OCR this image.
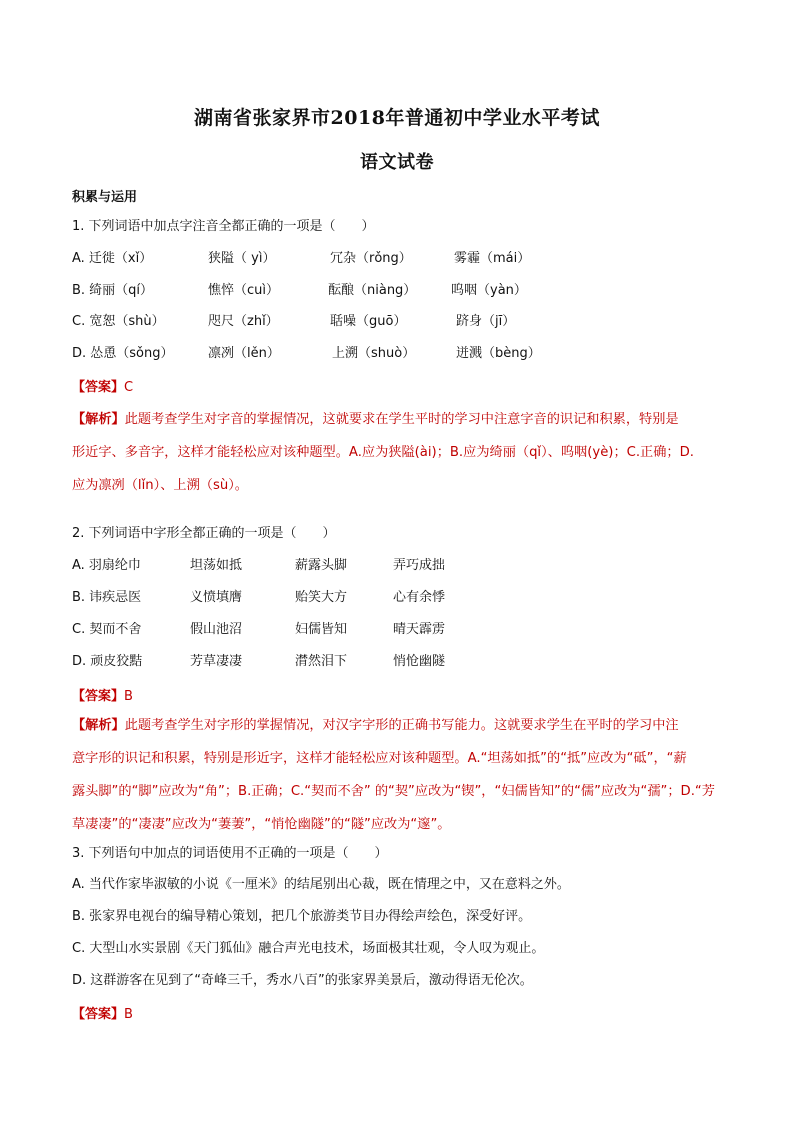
湖南省张家界市2018年普通初中学业水平考试
语文试卷
积累与运用
1. 下列词语中加点字注音全都正确的一项是（　　）
A. 迁徙（xǐ）	狭隘（ yì）	冗杂（rǒng）	雾霾（mái）
B. 绮丽（qí）	憔悴（cuì）	酝酿（niàng）	呜咽（yàn）
C. 宽恕（shù）	咫尺（zhǐ）	聒噪（guō）	跻身（jī）
D. 怂恿（sǒng）	凛冽（lěn）	上溯（shuò）	迸溅（bèng）
【答案】C

【解析】此题考查学生对字音的掌握情况，这就要求在学生平时的学习中注意字音的识记和积累，特别是

形近字、多音字，这样才能轻松应对该种题型。A.应为狭隘(ài)；B.应为绮丽（qǐ）、呜咽(yè)；C.正确；D.

应为凛冽（lǐn）、上溯（sù）。

2. 下列词语中字形全都正确的一项是（　　）
A. 羽扇纶巾	坦荡如抵	薪露头脚	弄巧成拙
B. 讳疾忌医	义愤填膺	贻笑大方	心有余悸
C. 契而不舍	假山池沼	妇儒皆知	晴天霹雳
D. 顽皮狡黠	芳草凄凄	潸然泪下	悄怆幽隧
【答案】B

【解析】此题考查学生对字形的掌握情况，对汉字字形的正确书写能力。这就要求学生在平时的学习中注

意字形的识记和积累，特别是形近字，这样才能轻松应对该种题型。A.“坦荡如抵”的“抵”应改为“砥”，“薪

露头脚”的“脚”应改为“角”；B.正确；C.“契而不舍” 的“契”应改为“锲”，“妇儒皆知”的“儒”应改为“孺”；D.“芳

草凄凄”的“凄凄”应改为“萋萋”，“悄怆幽隧”的“隧”应改为“邃”。

3. 下列语句中加点的词语使用不正确的一项是（　　）
A. 当代作家毕淑敏的小说《一厘米》的结尾别出心裁，既在情理之中，又在意料之外。
B. 张家界电视台的编导精心策划，把几个旅游类节目办得绘声绘色，深受好评。
C. 大型山水实景剧《天门狐仙》融合声光电技术，场面极其壮观，令人叹为观止。
D. 这群游客在见到了“奇峰三千，秀水八百”的张家界美景后，激动得语无伦次。
【答案】B
